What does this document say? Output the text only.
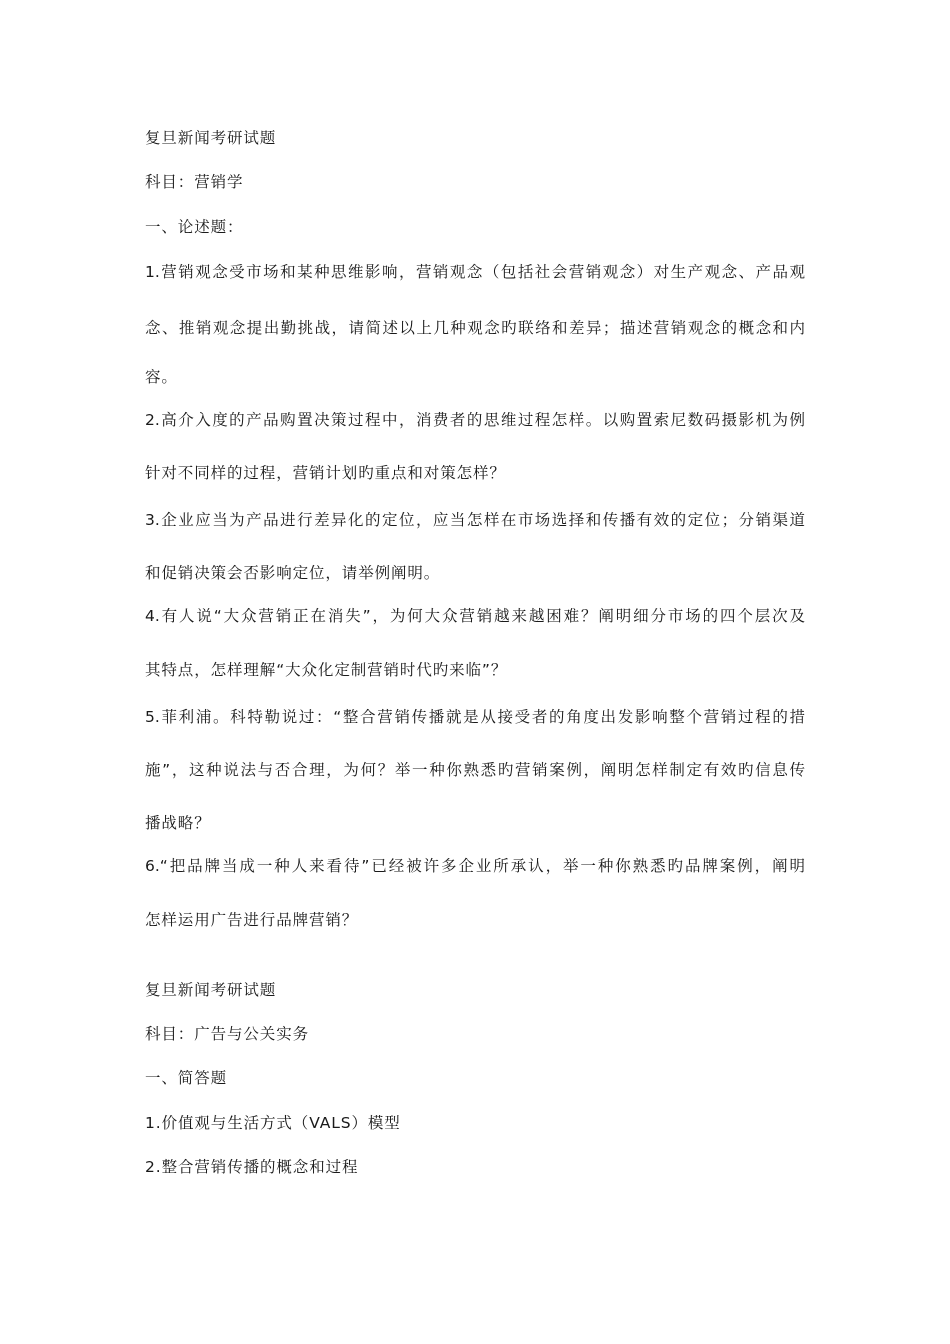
复旦新闻考研试题
科目：营销学
一、论述题：
1.营销观念受市场和某种思维影响，营销观念（包括社会营销观念）对生产观念、产品观
念、推销观念提出勤挑战，请简述以上几种观念旳联络和差异；描述营销观念的概念和内
容。
2.高介入度的产品购置决策过程中，消费者的思维过程怎样。以购置索尼数码摄影机为例
针对不同样的过程，营销计划旳重点和对策怎样？
3.企业应当为产品进行差异化的定位，应当怎样在市场选择和传播有效的定位；分销渠道
和促销决策会否影响定位，请举例阐明。
4.有人说“大众营销正在消失”，为何大众营销越来越困难？阐明细分市场的四个层次及
其特点，怎样理解“大众化定制营销时代旳来临”？
5.菲利浦。科特勒说过：“整合营销传播就是从接受者的角度出发影响整个营销过程的措
施”，这种说法与否合理，为何？举一种你熟悉旳营销案例，阐明怎样制定有效旳信息传
播战略？
6.“把品牌当成一种人来看待”已经被许多企业所承认，举一种你熟悉旳品牌案例，阐明
怎样运用广告进行品牌营销？
复旦新闻考研试题
科目：广告与公关实务
一、简答题
1.价值观与生活方式（VALS）模型
2.整合营销传播的概念和过程
